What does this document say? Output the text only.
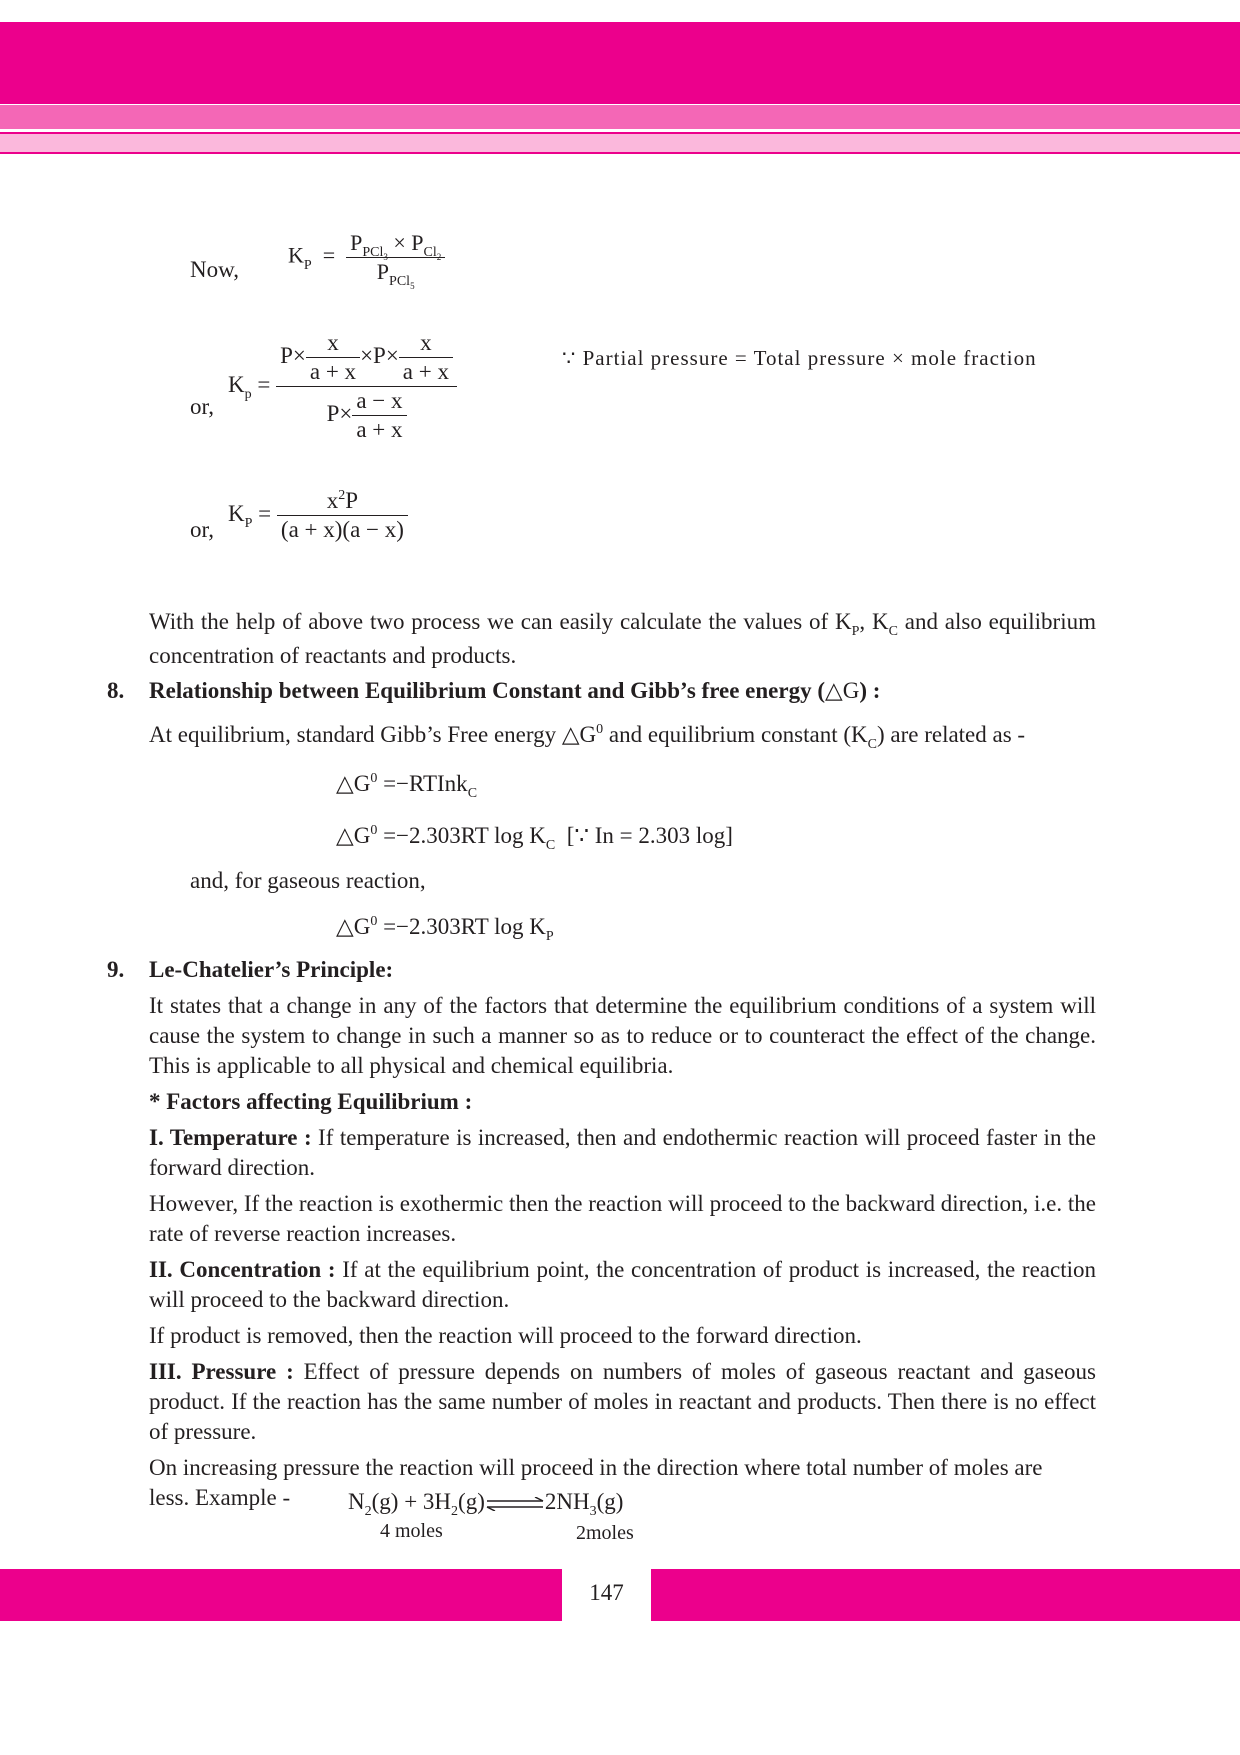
Now,
$K_P = \frac{P_{PCl_3} \times P_{Cl_2}}{P_{PCl_5}}$
or,
$K_p = \frac{P\times \frac{x}{a + x} \times P\times \frac{x}{a + x}}{P\times \frac{a - x}{a + x}}$	∵ Partial pressure = Total pressure × mole fraction
or,
$K_P = \frac{x^2P}{(a + x)(a - x)}$
With the help of above two process we can easily calculate the values of $K_P$, $K_C$ and also equilibrium concentration of reactants and products.
8. Relationship between Equilibrium Constant and Gibb’s free energy (△G) :
At equilibrium, standard Gibb’s Free energy $\triangle G^0$ and equilibrium constant $(K_C)$ are related as -
$\triangle G^0$ =−RTInk$_C$
$\triangle G^0 =-2.303RT$ $\log K_C$ [∵ In = 2.303 log]
and, for gaseous reaction,
$\triangle G^0 =-2.303RT$ $\log K_P$
9. Le-Chatelier’s Principle:
It states that a change in any of the factors that determine the equilibrium conditions of a system will cause the system to change in such a manner so as to reduce or to counteract the effect of the change. This is applicable to all physical and chemical equilibria.
* Factors affecting Equilibrium :
I. Temperature : If temperature is increased, then and endothermic reaction will proceed faster in the forward direction.
However, If the reaction is exothermic then the reaction will proceed to the backward direction, i.e. the rate of reverse reaction increases.
II. Concentration : If at the equilibrium point, the concentration of product is increased, the reaction will proceed to the backward direction.
If product is removed, then the reaction will proceed to the forward direction.
III. Pressure : Effect of pressure depends on numbers of moles of gaseous reactant and gaseous product. If the reaction has the same number of moles in reactant and products. Then there is no effect of pressure.
On increasing pressure the reaction will proceed in the direction where total number of moles are
less. Example -	$N_2(g)$ + $3H_2(g)\rightleftharpoons 2NH_3(g)$
4 moles	2moles
147
